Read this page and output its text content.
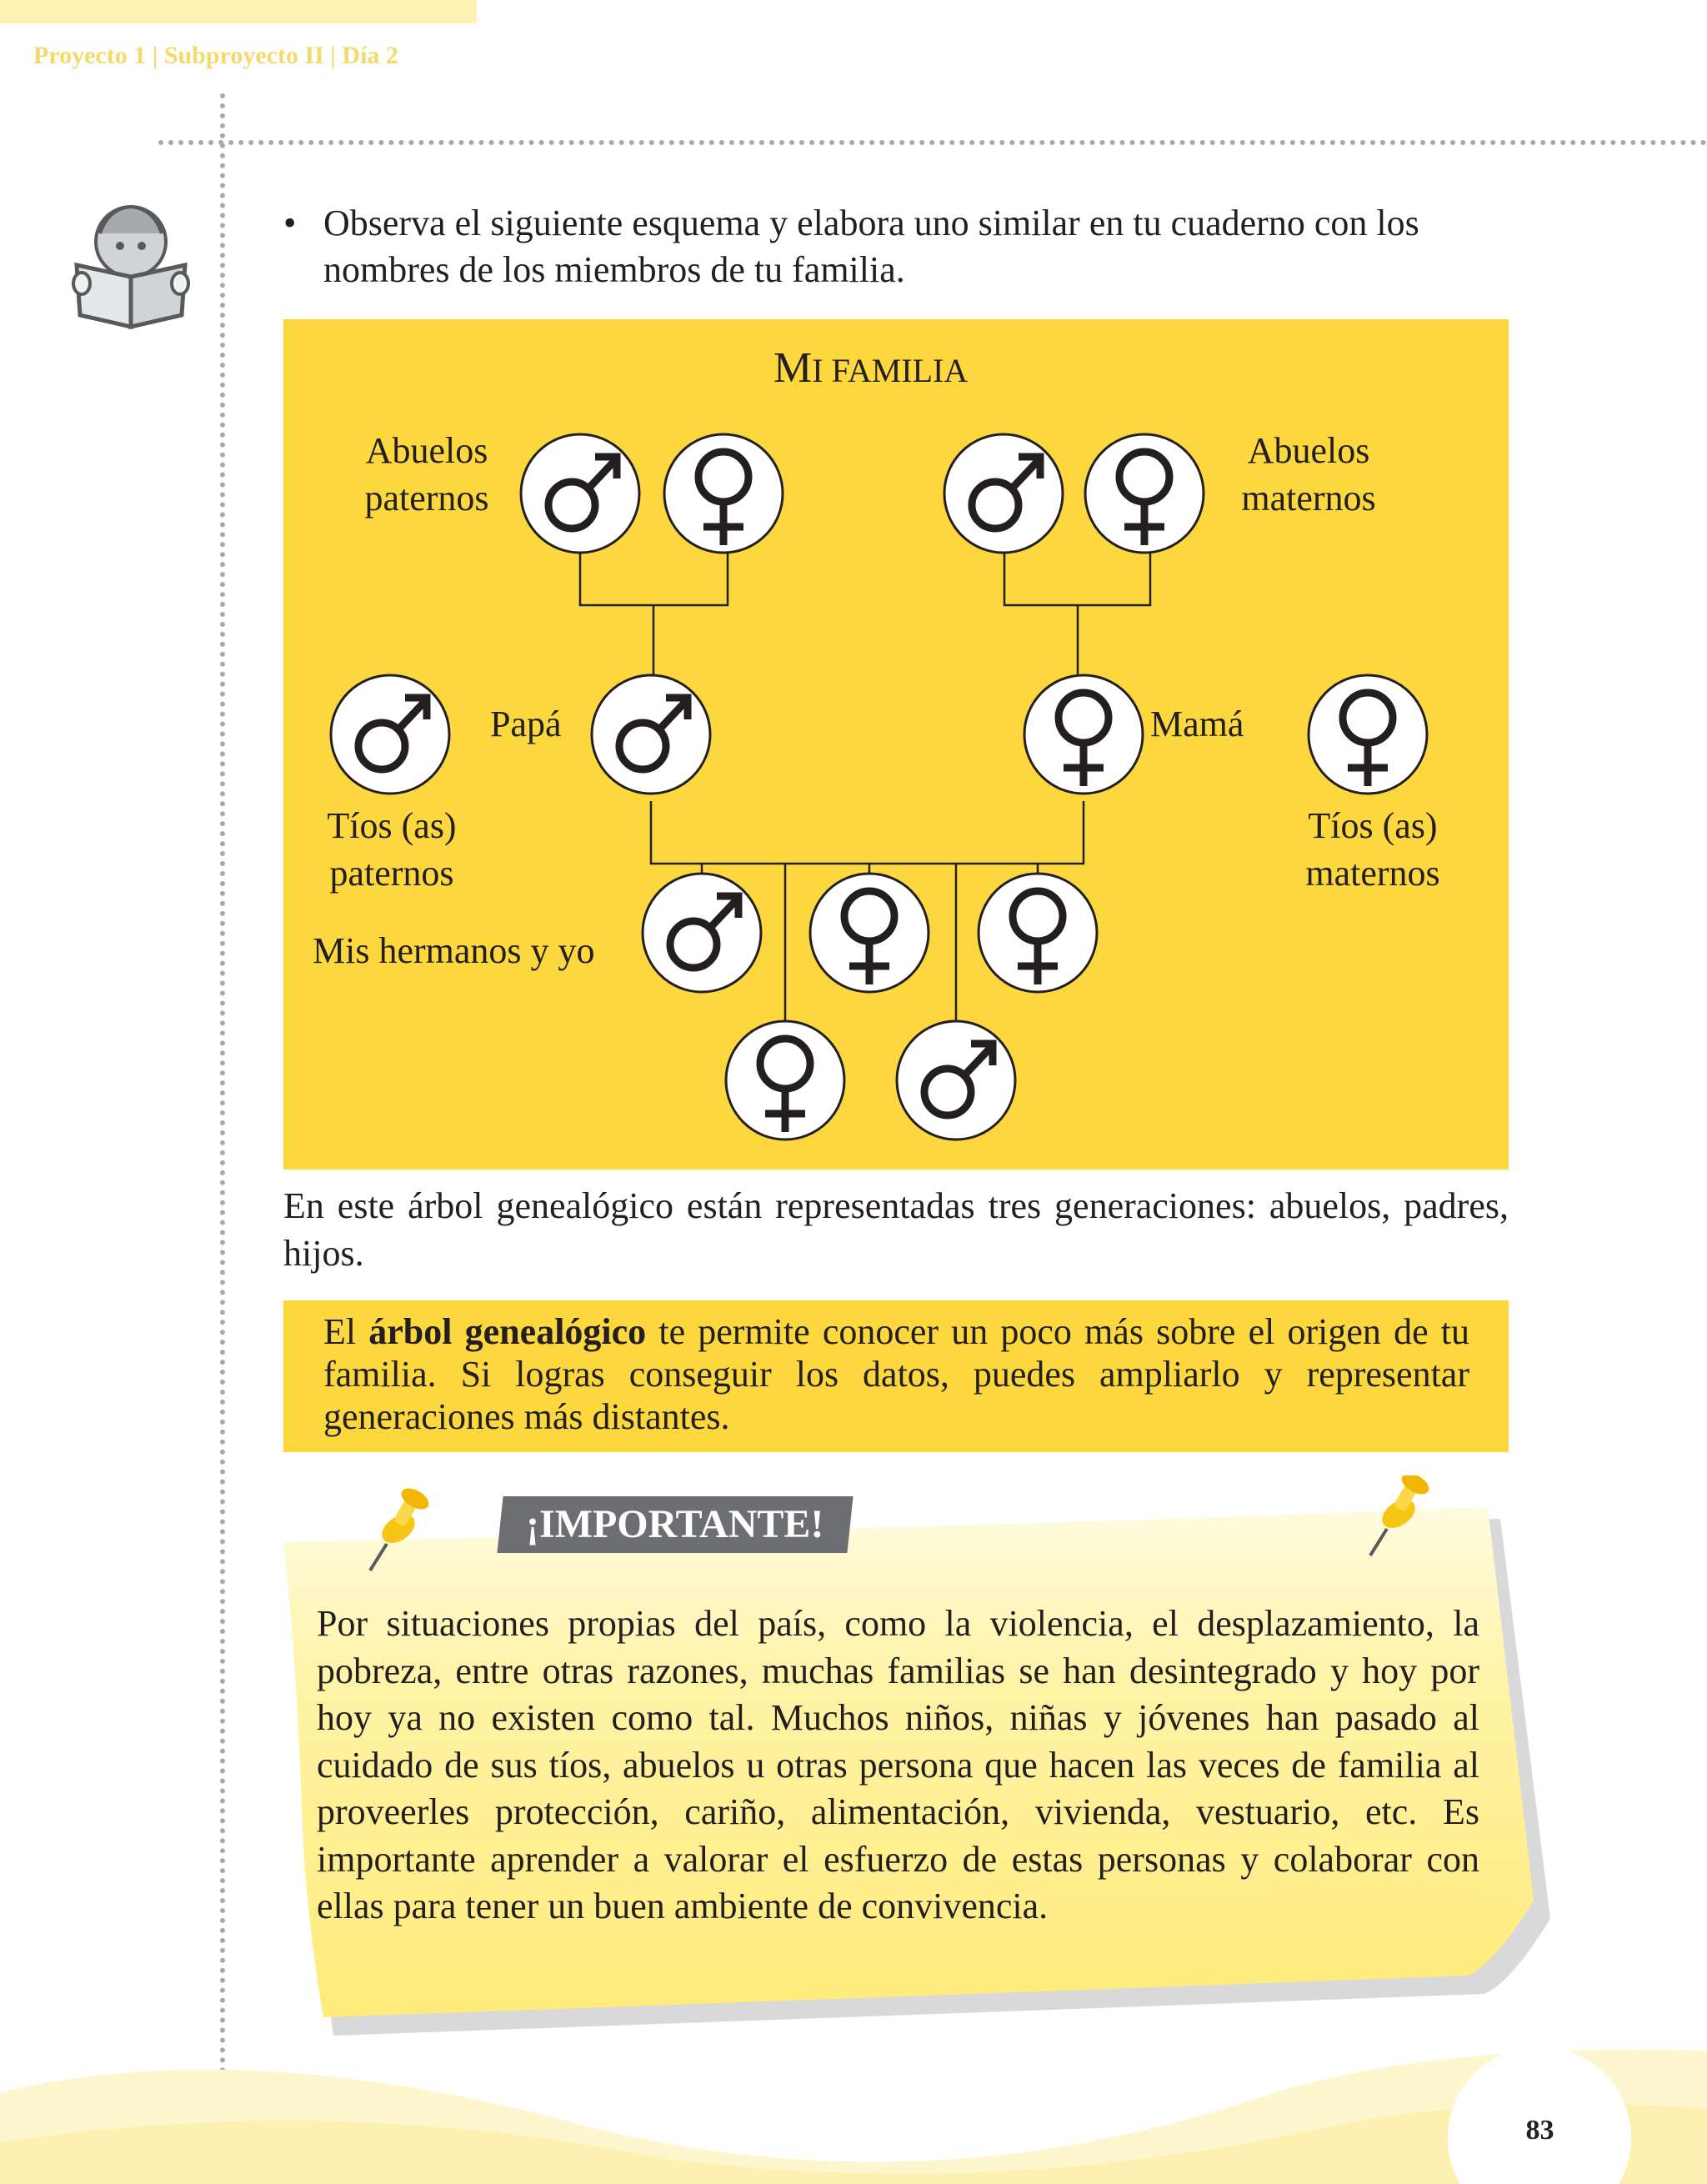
Proyecto 1 | Subproyecto II | Día 2
• Observa el siguiente esquema y elabora uno similar en tu cuaderno con los nombres de los miembros de tu familia.
MI FAMILIA
Abuelos
paternos
Abuelos
maternos
Papá	Mamá
Tíos (as)
paternos
Tíos (as)
maternos
Mis hermanos y yo
En este árbol genealógico están representadas tres generaciones: abuelos, padres, hijos.
El árbol genealógico te permite conocer un poco más sobre el origen de tu familia. Si logras conseguir los datos, puedes ampliarlo y representar generaciones más distantes.
¡IMPORTANTE!
Por situaciones propias del país, como la violencia, el desplazamiento, la pobreza, entre otras razones, muchas familias se han desintegrado y hoy por hoy ya no existen como tal. Muchos niños, niñas y jóvenes han pasado al cuidado de sus tíos, abuelos u otras persona que hacen las veces de familia al proveerles protección, cariño, alimentación, vivienda, vestuario, etc. Es importante aprender a valorar el esfuerzo de estas personas y colaborar con ellas para tener un buen ambiente de convivencia.
83
